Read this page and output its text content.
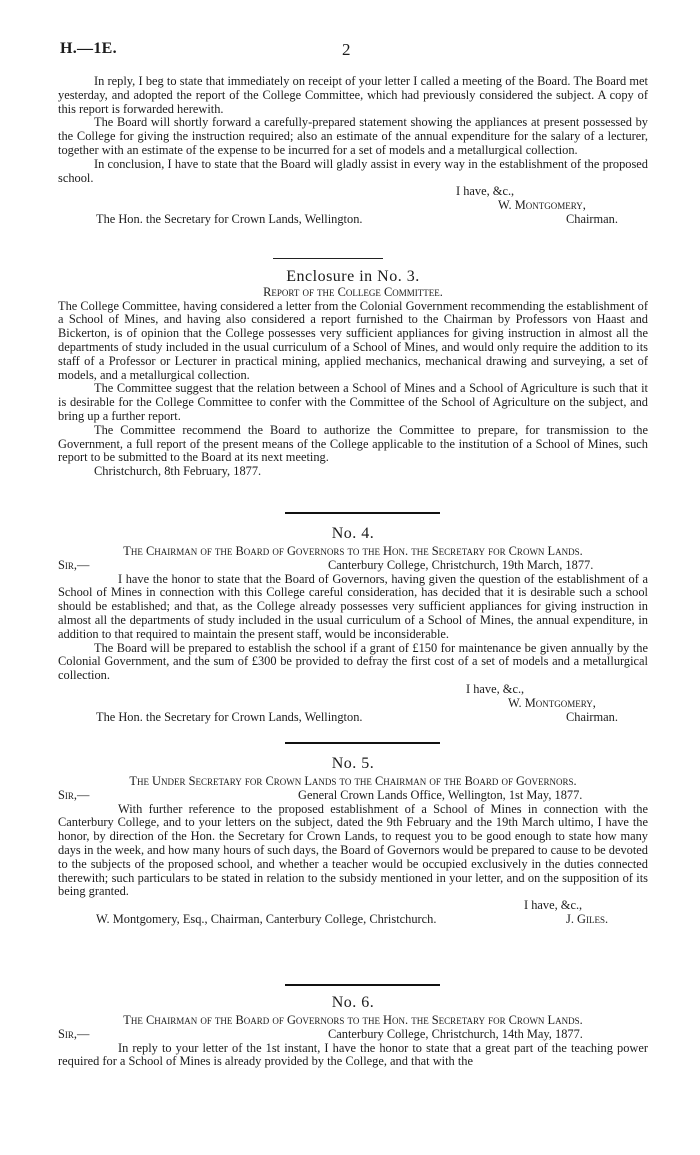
H.—1E.	2

In reply, I beg to state that immediately on receipt of your letter I called a meeting of the Board. The Board met yesterday, and adopted the report of the College Committee, which had previously considered the subject. A copy of this report is forwarded herewith.

The Board will shortly forward a carefully-prepared statement showing the appliances at present possessed by the College for giving the instruction required; also an estimate of the annual expenditure for the salary of a lecturer, together with an estimate of the expense to be incurred for a set of models and a metallurgical collection.

In conclusion, I have to state that the Board will gladly assist in every way in the establishment of the proposed school.

I have, &c.,
W. Montgomery,
The Hon. the Secretary for Crown Lands, Wellington.	Chairman.
Enclosure in No. 3.
Report of the College Committee.

The College Committee, having considered a letter from the Colonial Government recommending the establishment of a School of Mines, and having also considered a report furnished to the Chairman by Professors von Haast and Bickerton, is of opinion that the College possesses very sufficient appliances for giving instruction in almost all the departments of study included in the usual curriculum of a School of Mines, and would only require the addition to its staff of a Professor or Lecturer in practical mining, applied mechanics, mechanical drawing and surveying, a set of models, and a metallurgical collection.

The Committee suggest that the relation between a School of Mines and a School of Agriculture is such that it is desirable for the College Committee to confer with the Committee of the School of Agriculture on the subject, and bring up a further report.

The Committee recommend the Board to authorize the Committee to prepare, for transmission to the Government, a full report of the present means of the College applicable to the institution of a School of Mines, such report to be submitted to the Board at its next meeting.

Christchurch, 8th February, 1877.

No. 4.
The Chairman of the Board of Governors to the Hon. the Secretary for Crown Lands.
Sir,—	Canterbury College, Christchurch, 19th March, 1877.

I have the honor to state that the Board of Governors, having given the question of the establishment of a School of Mines in connection with this College careful consideration, has decided that it is desirable such a school should be established; and that, as the College already possesses very sufficient appliances for giving instruction in almost all the departments of study included in the usual curriculum of a School of Mines, the annual expenditure, in addition to that required to maintain the present staff, would be inconsiderable.

The Board will be prepared to establish the school if a grant of £150 for maintenance be given annually by the Colonial Government, and the sum of £300 be provided to defray the first cost of a set of models and a metallurgical collection.

I have, &c.,
W. Montgomery,
The Hon. the Secretary for Crown Lands, Wellington.	Chairman.
No. 5.
The Under Secretary for Crown Lands to the Chairman of the Board of Governors.
Sir,—	General Crown Lands Office, Wellington, 1st May, 1877.

With further reference to the proposed establishment of a School of Mines in connection with the Canterbury College, and to your letters on the subject, dated the 9th February and the 19th March ultimo, I have the honor, by direction of the Hon. the Secretary for Crown Lands, to request you to be good enough to state how many days in the week, and how many hours of such days, the Board of Governors would be prepared to cause to be devoted to the subjects of the proposed school, and whether a teacher would be occupied exclusively in the duties connected therewith; such particulars to be stated in relation to the subsidy mentioned in your letter, and on the supposition of its being granted.

I have, &c.,
W. Montgomery, Esq., Chairman, Canterbury College, Christchurch.	J. Giles.
No. 6.
The Chairman of the Board of Governors to the Hon. the Secretary for Crown Lands.
Sir,—	Canterbury College, Christchurch, 14th May, 1877.

In reply to your letter of the 1st instant, I have the honor to state that a great part of the teaching power required for a School of Mines is already provided by the College, and that with the
